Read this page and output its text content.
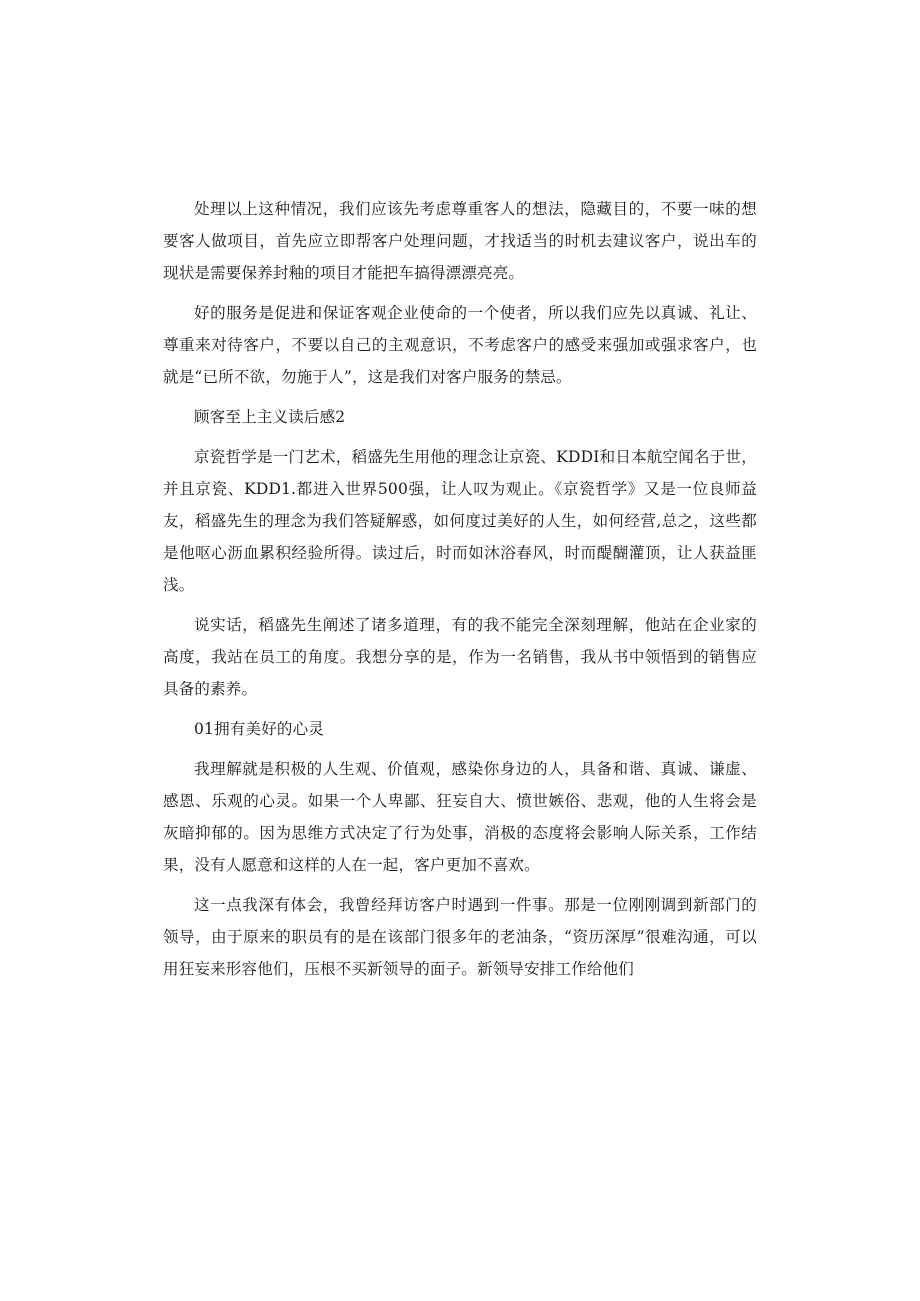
处理以上这种情况，我们应该先考虑尊重客人的想法，隐藏目的，不要一味的想要客人做项目，首先应立即帮客户处理问题，才找适当的时机去建议客户，说出车的现状是需要保养封釉的项目才能把车搞得漂漂亮亮。

好的服务是促进和保证客观企业使命的一个使者，所以我们应先以真诚、礼让、尊重来对待客户，不要以自己的主观意识，不考虑客户的感受来强加或强求客户，也就是“已所不欲，勿施于人”，这是我们对客户服务的禁忌。

顾客至上主义读后感2

京瓷哲学是一门艺术，稻盛先生用他的理念让京瓷、KDDI和日本航空闻名于世，并且京瓷、KDD1.都进入世界500强，让人叹为观止。《京瓷哲学》又是一位良师益友，稻盛先生的理念为我们答疑解惑，如何度过美好的人生，如何经营,总之，这些都是他呕心沥血累积经验所得。读过后，时而如沐浴春风，时而醍醐灌顶，让人获益匪浅。

说实话，稻盛先生阐述了诸多道理，有的我不能完全深刻理解，他站在企业家的高度，我站在员工的角度。我想分享的是，作为一名销售，我从书中领悟到的销售应具备的素养。

01拥有美好的心灵

我理解就是积极的人生观、价值观，感染你身边的人，具备和谐、真诚、谦虚、感恩、乐观的心灵。如果一个人卑鄙、狂妄自大、愤世嫉俗、悲观，他的人生将会是灰暗抑郁的。因为思维方式决定了行为处事，消极的态度将会影响人际关系，工作结果，没有人愿意和这样的人在一起，客户更加不喜欢。

这一点我深有体会，我曾经拜访客户时遇到一件事。那是一位刚刚调到新部门的领导，由于原来的职员有的是在该部门很多年的老油条，“资历深厚”很难沟通，可以用狂妄来形容他们，压根不买新领导的面子。新领导安排工作给他们
